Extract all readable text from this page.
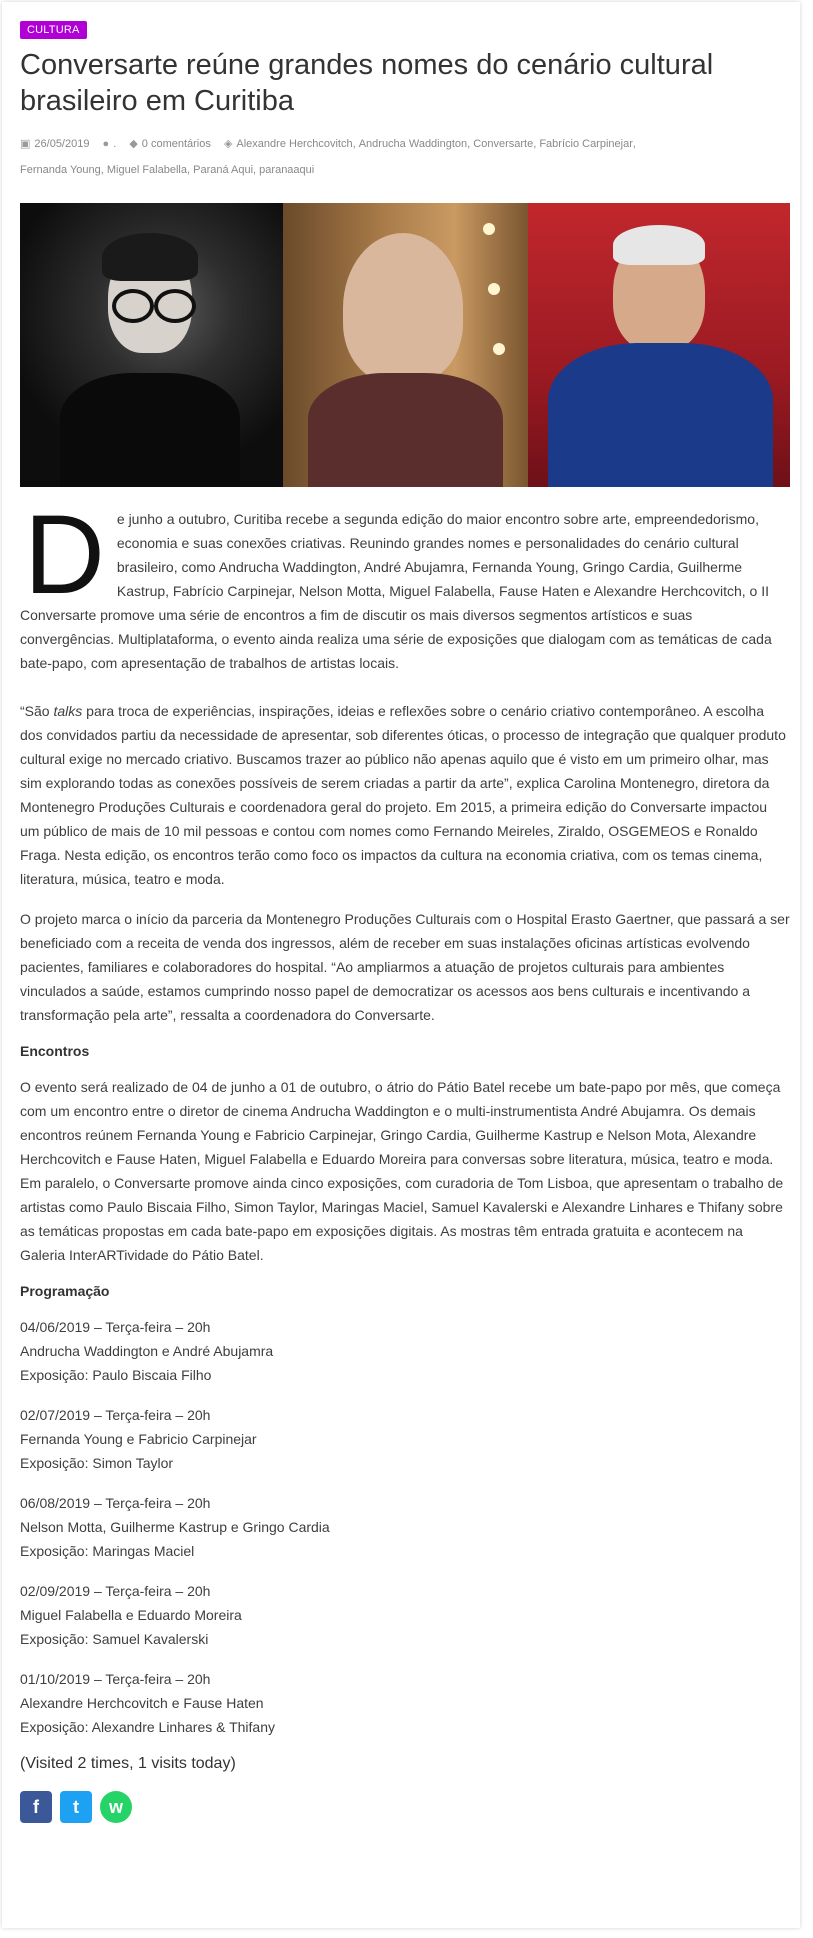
CULTURA
Conversarte reúne grandes nomes do cenário cultural brasileiro em Curitiba
▣ 26/05/2019 ● . ◆ 0 comentários ◈ Alexandre Herchcovitch, Andrucha Waddington, Conversarte, Fabrício Carpinejar,
Fernanda Young, Miguel Falabella, Paraná Aqui, paranaaqui
D e junho a outubro, Curitiba recebe a segunda edição do maior encontro sobre arte, empreendedorismo, economia e suas conexões criativas. Reunindo grandes nomes e personalidades do cenário cultural brasileiro, como Andrucha Waddington, André Abujamra, Fernanda Young, Gringo Cardia, Guilherme Kastrup, Fabrício Carpinejar, Nelson Motta, Miguel Falabella, Fause Haten e Alexandre Herchcovitch, o II Conversarte promove uma série de encontros a fim de discutir os mais diversos segmentos artísticos e suas convergências. Multiplataforma, o evento ainda realiza uma série de exposições que dialogam com as temáticas de cada bate-papo, com apresentação de trabalhos de artistas locais.

“São talks para troca de experiências, inspirações, ideias e reflexões sobre o cenário criativo contemporâneo. A escolha dos convidados partiu da necessidade de apresentar, sob diferentes óticas, o processo de integração que qualquer produto cultural exige no mercado criativo. Buscamos trazer ao público não apenas aquilo que é visto em um primeiro olhar, mas sim explorando todas as conexões possíveis de serem criadas a partir da arte”, explica Carolina Montenegro, diretora da Montenegro Produções Culturais e coordenadora geral do projeto. Em 2015, a primeira edição do Conversarte impactou um público de mais de 10 mil pessoas e contou com nomes como Fernando Meireles, Ziraldo, OSGEMEOS e Ronaldo Fraga. Nesta edição, os encontros terão como foco os impactos da cultura na economia criativa, com os temas cinema, literatura, música, teatro e moda.

O projeto marca o início da parceria da Montenegro Produções Culturais com o Hospital Erasto Gaertner, que passará a ser beneficiado com a receita de venda dos ingressos, além de receber em suas instalações oficinas artísticas evolvendo pacientes, familiares e colaboradores do hospital. “Ao ampliarmos a atuação de projetos culturais para ambientes vinculados a saúde, estamos cumprindo nosso papel de democratizar os acessos aos bens culturais e incentivando a transformação pela arte”, ressalta a coordenadora do Conversarte.

Encontros

O evento será realizado de 04 de junho a 01 de outubro, o átrio do Pátio Batel recebe um bate-papo por mês, que começa com um encontro entre o diretor de cinema Andrucha Waddington e o multi-instrumentista André Abujamra. Os demais encontros reúnem Fernanda Young e Fabricio Carpinejar, Gringo Cardia, Guilherme Kastrup e Nelson Mota, Alexandre Herchcovitch e Fause Haten, Miguel Falabella e Eduardo Moreira para conversas sobre literatura, música, teatro e moda. Em paralelo, o Conversarte promove ainda cinco exposições, com curadoria de Tom Lisboa, que apresentam o trabalho de artistas como Paulo Biscaia Filho, Simon Taylor, Maringas Maciel, Samuel Kavalerski e Alexandre Linhares e Thifany sobre as temáticas propostas em cada bate-papo em exposições digitais. As mostras têm entrada gratuita e acontecem na Galeria InterARTividade do Pátio Batel.

Programação
04/06/2019 – Terça-feira – 20h
Andrucha Waddington e André Abujamra
Exposição: Paulo Biscaia Filho
02/07/2019 – Terça-feira – 20h
Fernanda Young e Fabricio Carpinejar
Exposição: Simon Taylor
06/08/2019 – Terça-feira – 20h
Nelson Motta, Guilherme Kastrup e Gringo Cardia
Exposição: Maringas Maciel
02/09/2019 – Terça-feira – 20h
Miguel Falabella e Eduardo Moreira
Exposição: Samuel Kavalerski
01/10/2019 – Terça-feira – 20h
Alexandre Herchcovitch e Fause Haten
Exposição: Alexandre Linhares & Thifany
(Visited 2 times, 1 visits today)
f t w
